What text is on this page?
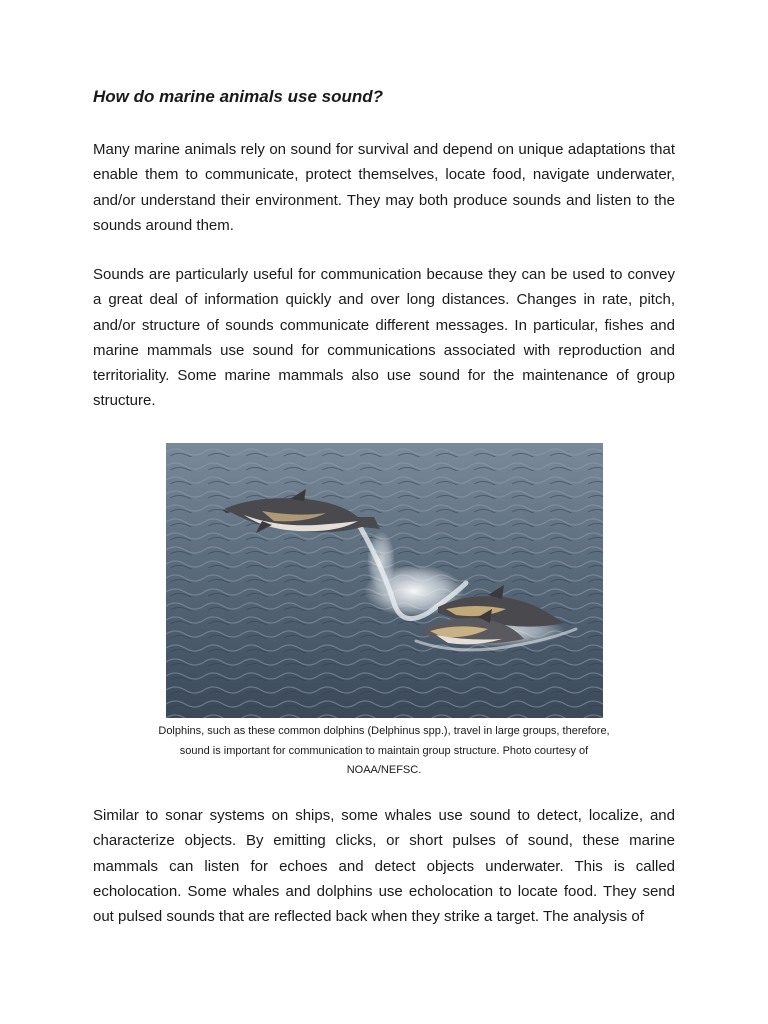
How do marine animals use sound?

Many marine animals rely on sound for survival and depend on unique adaptations that enable them to communicate, protect themselves, locate food, navigate underwater, and/or understand their environment. They may both produce sounds and listen to the sounds around them.

Sounds are particularly useful for communication because they can be used to convey a great deal of information quickly and over long distances. Changes in rate, pitch, and/or structure of sounds communicate different messages. In particular, fishes and marine mammals use sound for communications associated with reproduction and territoriality. Some marine mammals also use sound for the maintenance of group structure.

Dolphins, such as these common dolphins (Delphinus spp.), travel in large groups, therefore, sound is important for communication to maintain group structure. Photo courtesy of NOAA/NEFSC.

Similar to sonar systems on ships, some whales use sound to detect, localize, and characterize objects. By emitting clicks, or short pulses of sound, these marine mammals can listen for echoes and detect objects underwater. This is called echolocation. Some whales and dolphins use echolocation to locate food. They send out pulsed sounds that are reflected back when they strike a target. The analysis of
